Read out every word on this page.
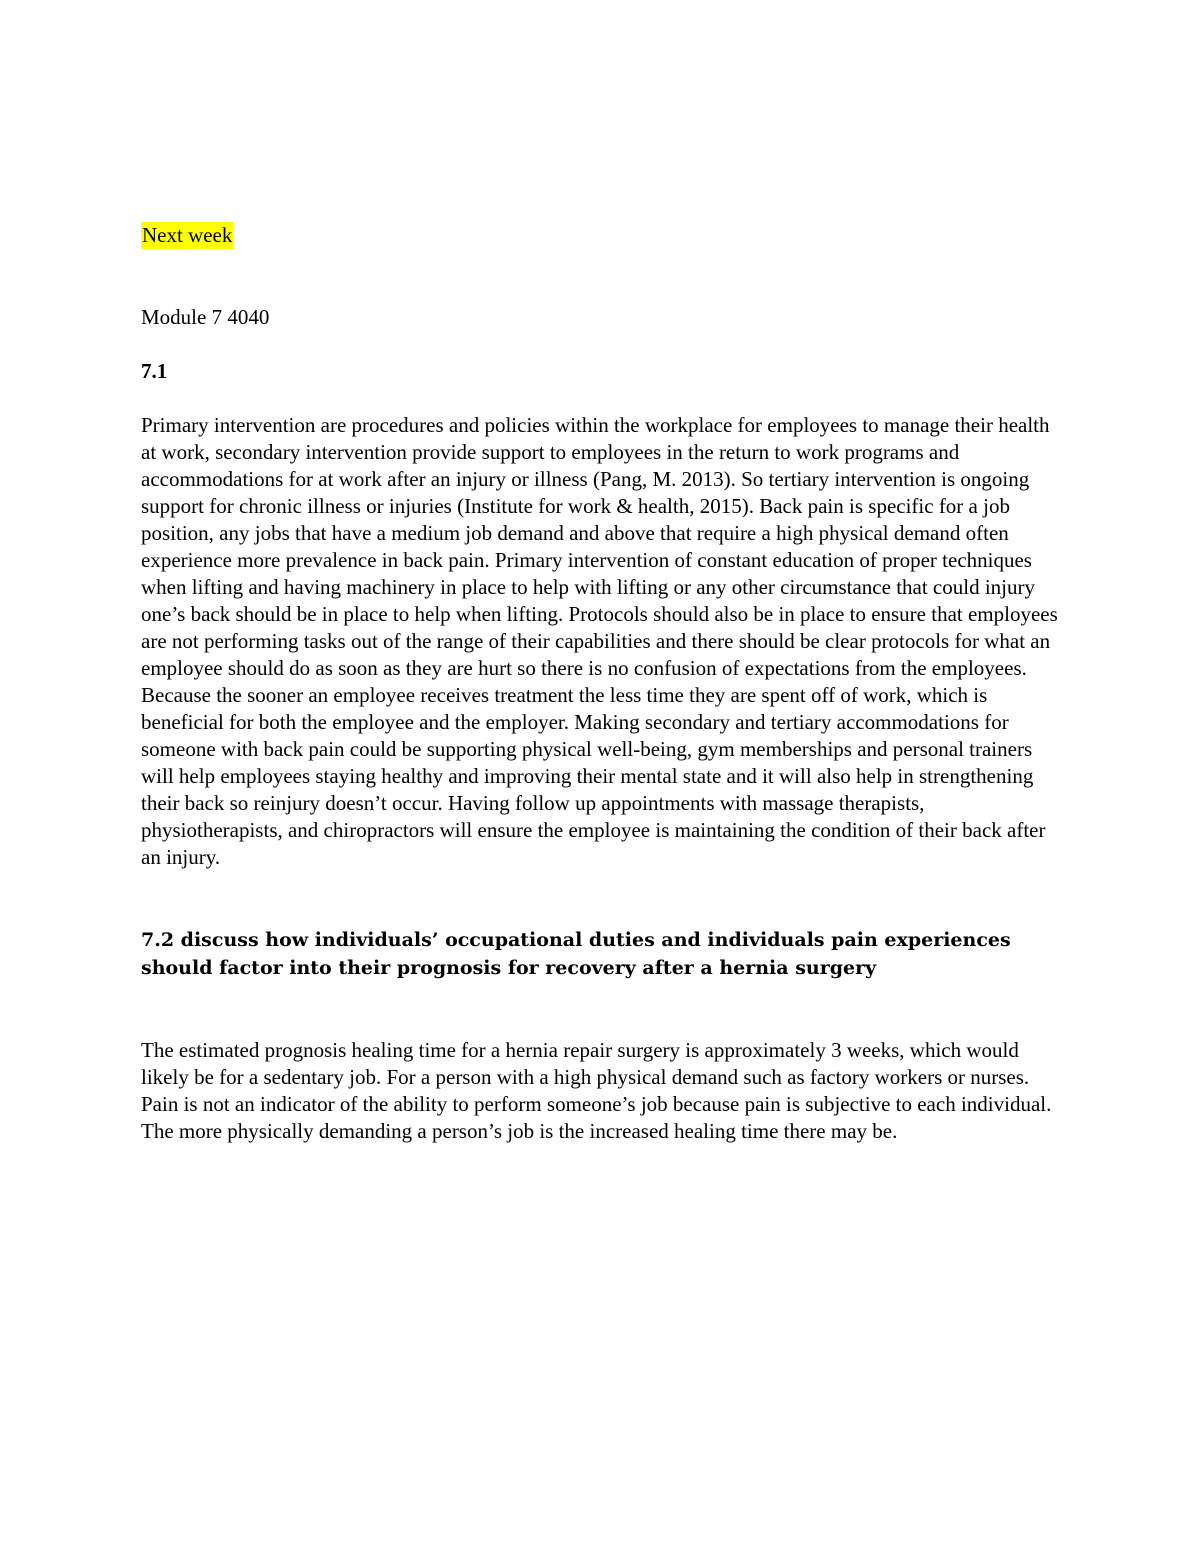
Next week

Module 7 4040

7.1

Primary intervention are procedures and policies within the workplace for employees to manage their health at work, secondary intervention provide support to employees in the return to work programs and accommodations for at work after an injury or illness (Pang, M. 2013). So tertiary intervention is ongoing support for chronic illness or injuries (Institute for work & health, 2015). Back pain is specific for a job position, any jobs that have a medium job demand and above that require a high physical demand often experience more prevalence in back pain. Primary intervention of constant education of proper techniques when lifting and having machinery in place to help with lifting or any other circumstance that could injury one’s back should be in place to help when lifting. Protocols should also be in place to ensure that employees are not performing tasks out of the range of their capabilities and there should be clear protocols for what an employee should do as soon as they are hurt so there is no confusion of expectations from the employees. Because the sooner an employee receives treatment the less time they are spent off of work, which is beneficial for both the employee and the employer. Making secondary and tertiary accommodations for someone with back pain could be supporting physical well-being, gym memberships and personal trainers will help employees staying healthy and improving their mental state and it will also help in strengthening their back so reinjury doesn’t occur. Having follow up appointments with massage therapists, physiotherapists, and chiropractors will ensure the employee is maintaining the condition of their back after an injury.

7.2 discuss how individuals’ occupational duties and individuals pain experiences should factor into their prognosis for recovery after a hernia surgery

The estimated prognosis healing time for a hernia repair surgery is approximately 3 weeks, which would likely be for a sedentary job. For a person with a high physical demand such as factory workers or nurses. Pain is not an indicator of the ability to perform someone’s job because pain is subjective to each individual. The more physically demanding a person’s job is the increased healing time there may be.
